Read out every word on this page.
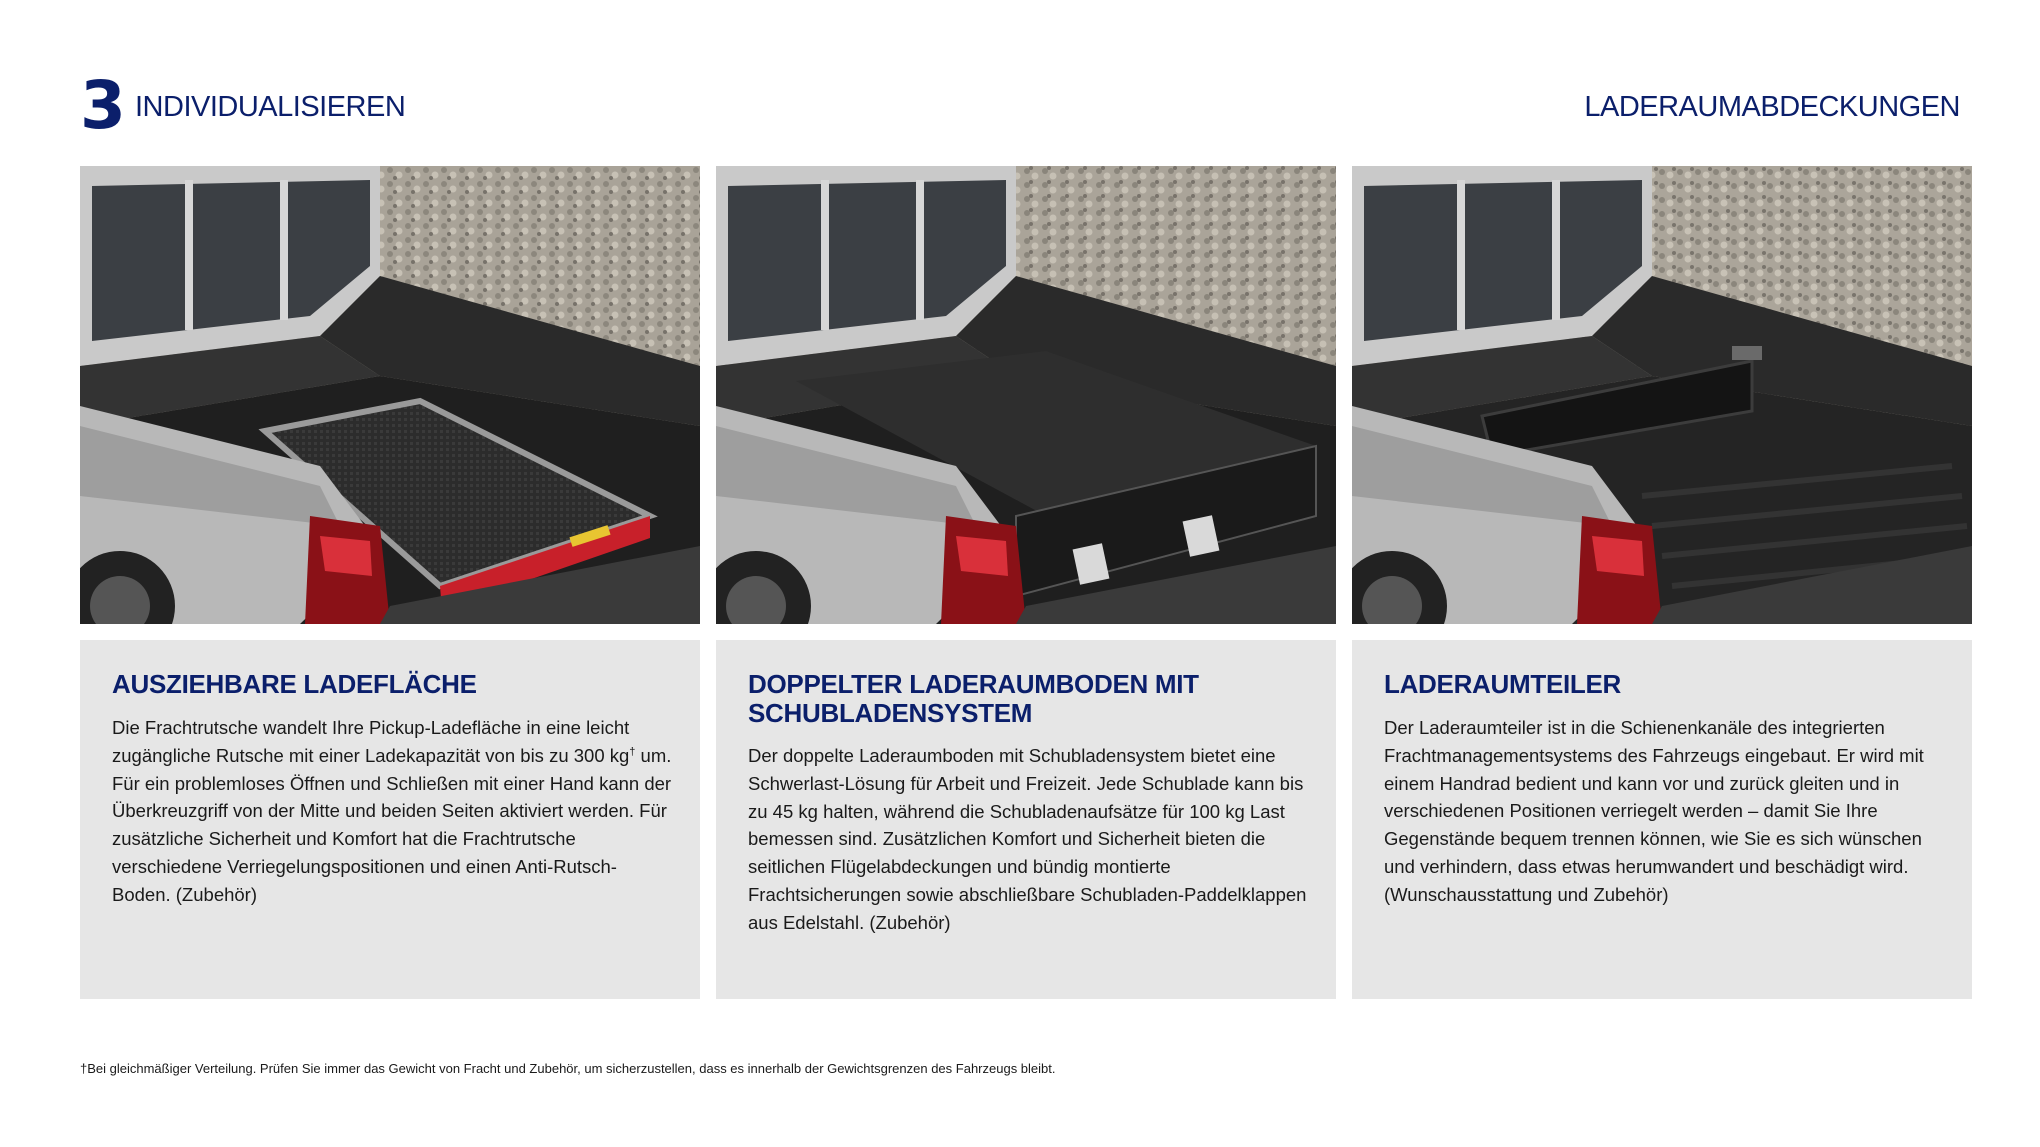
3 INDIVIDUALISIEREN	LADERAUMABDECKUNGEN
AUSZIEHBARE LADEFLÄCHE

Die Frachtrutsche wandelt Ihre Pickup-Ladefläche in eine leicht zugängliche Rutsche mit einer Ladekapazität von bis zu 300 kg† um. Für ein problemloses Öffnen und Schließen mit einer Hand kann der Überkreuzgriff von der Mitte und beiden Seiten aktiviert werden. Für zusätzliche Sicherheit und Komfort hat die Frachtrutsche verschiedene Verriegelungspositionen und einen Anti-Rutsch-Boden. (Zubehör)

DOPPELTER LADERAUMBODEN MIT SCHUBLADENSYSTEM

Der doppelte Laderaumboden mit Schubladensystem bietet eine Schwerlast-Lösung für Arbeit und Freizeit. Jede Schublade kann bis zu 45 kg halten, während die Schubladenaufsätze für 100 kg Last bemessen sind. Zusätzlichen Komfort und Sicherheit bieten die seitlichen Flügelabdeckungen und bündig montierte Frachtsicherungen sowie abschließbare Schubladen-Paddelklappen aus Edelstahl. (Zubehör)

LADERAUMTEILER

Der Laderaumteiler ist in die Schienenkanäle des integrierten Frachtmanagementsystems des Fahrzeugs eingebaut. Er wird mit einem Handrad bedient und kann vor und zurück gleiten und in verschiedenen Positionen verriegelt werden – damit Sie Ihre Gegenstände bequem trennen können, wie Sie es sich wünschen und verhindern, dass etwas herumwandert und beschädigt wird. (Wunschausstattung und Zubehör)

†Bei gleichmäßiger Verteilung. Prüfen Sie immer das Gewicht von Fracht und Zubehör, um sicherzustellen, dass es innerhalb der Gewichtsgrenzen des Fahrzeugs bleibt.
